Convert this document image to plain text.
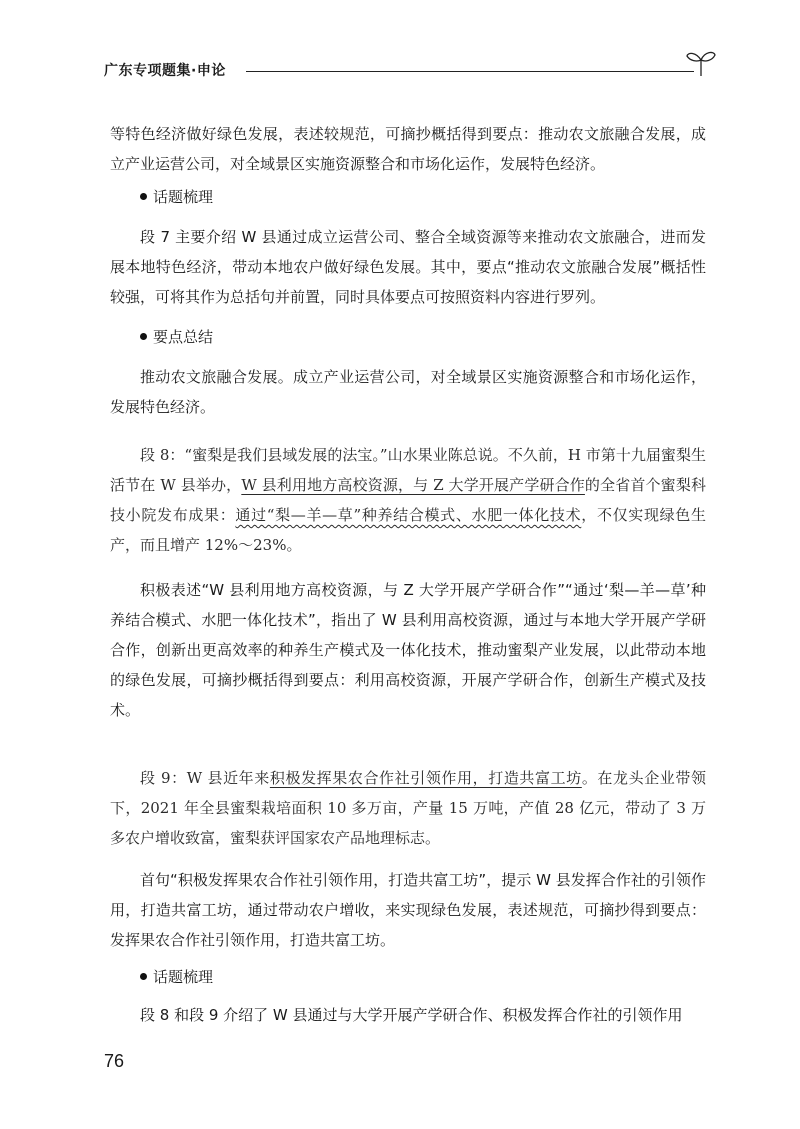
广东专项题集·申论

等特色经济做好绿色发展，表述较规范，可摘抄概括得到要点：推动农文旅融合发展，成立产业运营公司，对全域景区实施资源整合和市场化运作，发展特色经济。

话题梳理

段 7 主要介绍 W 县通过成立运营公司、整合全域资源等来推动农文旅融合，进而发展本地特色经济，带动本地农户做好绿色发展。其中，要点“推动农文旅融合发展”概括性较强，可将其作为总括句并前置，同时具体要点可按照资料内容进行罗列。

要点总结

推动农文旅融合发展。成立产业运营公司，对全域景区实施资源整合和市场化运作，发展特色经济。

段 8：“蜜梨是我们县域发展的法宝。”山水果业陈总说。不久前，H 市第十九届蜜梨生活节在 W 县举办，W 县利用地方高校资源，与 Z 大学开展产学研合作的全省首个蜜梨科技小院发布成果：通过“梨—羊—草”种养结合模式、水肥一体化技术，不仅实现绿色生产，而且增产 12%～23%。

积极表述“W 县利用地方高校资源，与 Z 大学开展产学研合作”“通过‘梨—羊—草’种养结合模式、水肥一体化技术”，指出了 W 县利用高校资源，通过与本地大学开展产学研合作，创新出更高效率的种养生产模式及一体化技术，推动蜜梨产业发展，以此带动本地的绿色发展，可摘抄概括得到要点：利用高校资源，开展产学研合作，创新生产模式及技术。

段 9：W 县近年来积极发挥果农合作社引领作用，打造共富工坊。在龙头企业带领下，2021 年全县蜜梨栽培面积 10 多万亩，产量 15 万吨，产值 28 亿元，带动了 3 万多农户增收致富，蜜梨获评国家农产品地理标志。

首句“积极发挥果农合作社引领作用，打造共富工坊”，提示 W 县发挥合作社的引领作用，打造共富工坊，通过带动农户增收，来实现绿色发展，表述规范，可摘抄得到要点：发挥果农合作社引领作用，打造共富工坊。

话题梳理

段 8 和段 9 介绍了 W 县通过与大学开展产学研合作、积极发挥合作社的引领作用

76
